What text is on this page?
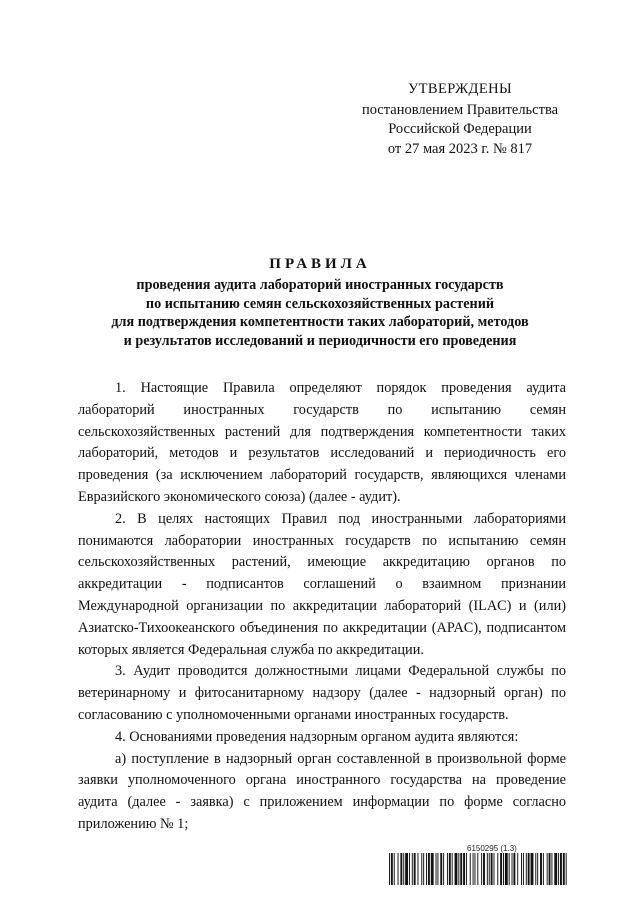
УТВЕРЖДЕНЫ
постановлением Правительства
Российской Федерации
от 27 мая 2023 г. № 817
ПРАВИЛА
проведения аудита лабораторий иностранных государств
по испытанию семян сельскохозяйственных растений
для подтверждения компетентности таких лабораторий, методов
и результатов исследований и периодичности его проведения

1. Настоящие Правила определяют порядок проведения аудита лабораторий иностранных государств по испытанию семян сельскохозяйственных растений для подтверждения компетентности таких лабораторий, методов и результатов исследований и периодичность его проведения (за исключением лабораторий государств, являющихся членами Евразийского экономического союза) (далее - аудит).

2. В целях настоящих Правил под иностранными лабораториями понимаются лаборатории иностранных государств по испытанию семян сельскохозяйственных растений, имеющие аккредитацию органов по аккредитации - подписантов соглашений о взаимном признании Международной организации по аккредитации лабораторий (ILAC) и (или) Азиатско-Тихоокеанского объединения по аккредитации (APAC), подписантом которых является Федеральная служба по аккредитации.

3. Аудит проводится должностными лицами Федеральной службы по ветеринарному и фитосанитарному надзору (далее - надзорный орган) по согласованию с уполномоченными органами иностранных государств.

4. Основаниями проведения надзорным органом аудита являются:

а) поступление в надзорный орган составленной в произвольной форме заявки уполномоченного органа иностранного государства на проведение аудита (далее - заявка) с приложением информации по форме согласно приложению № 1;

6150295 (1.3)
